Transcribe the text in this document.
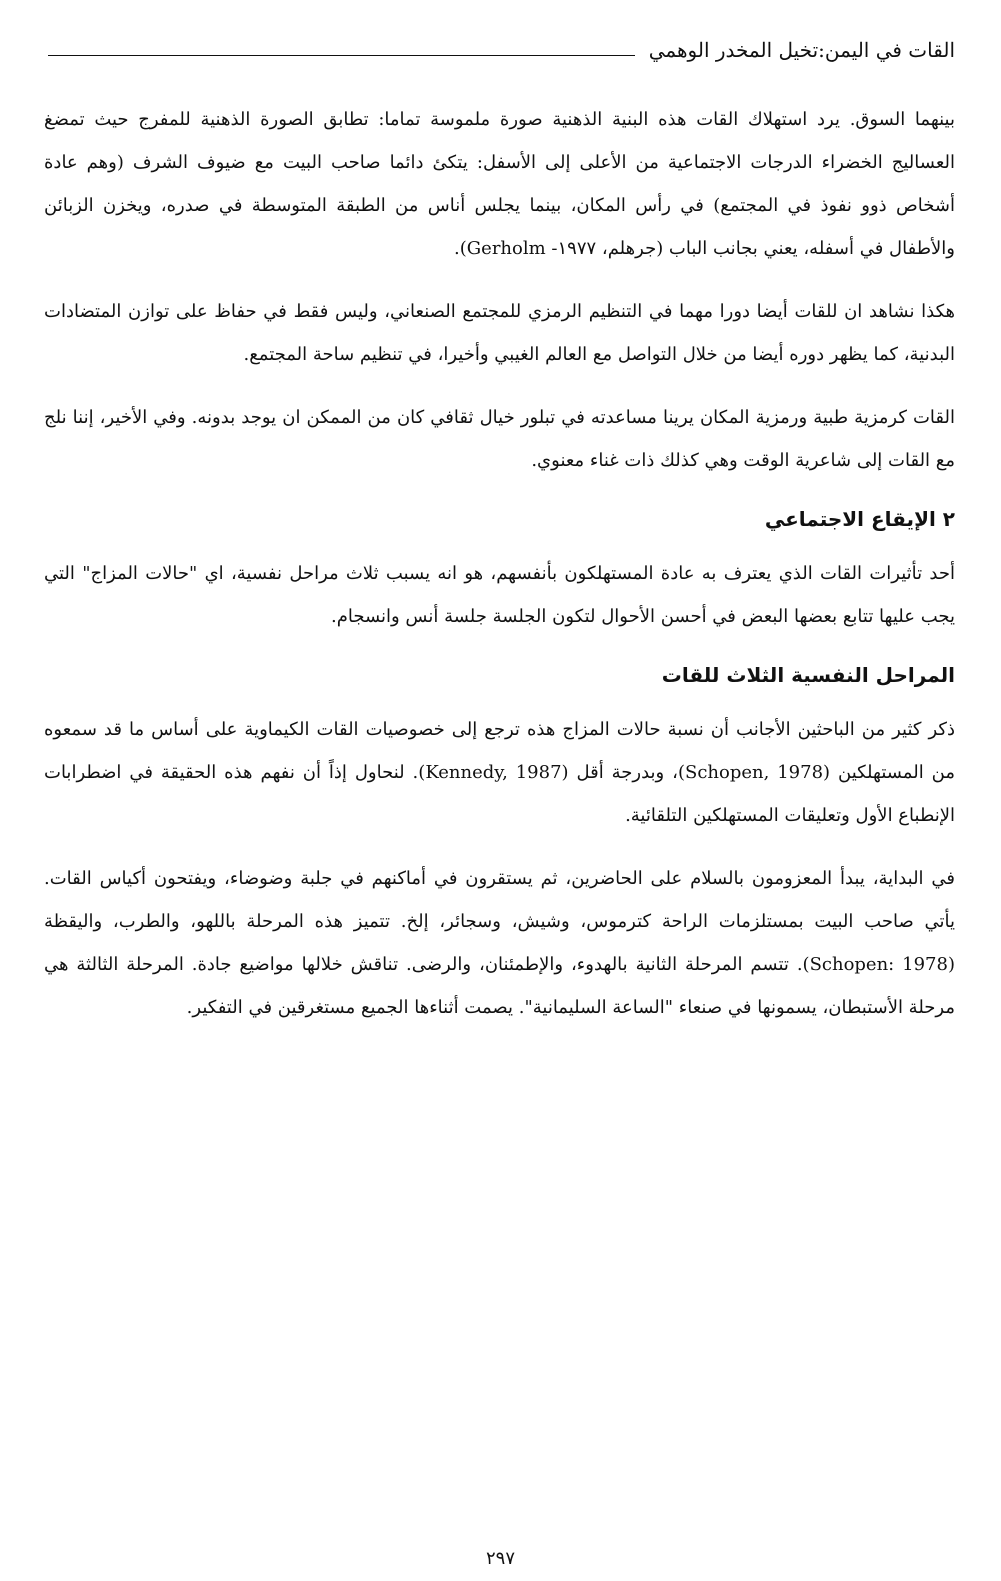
القات في اليمن:تخيل المخدر الوهمي

بينهما السوق. يرد استهلاك القات هذه البنية الذهنية صورة ملموسة تماما: تطابق الصورة الذهنية للمفرج حيث تمضغ العساليج الخضراء الدرجات الاجتماعية من الأعلى إلى الأسفل: يتكئ دائما صاحب البيت مع ضيوف الشرف (وهم عادة أشخاص ذوو نفوذ في المجتمع) في رأس المكان، بينما يجلس أناس من الطبقة المتوسطة في صدره، ويخزن الزبائن والأطفال في أسفله، يعني بجانب الباب (جرهلم، ١٩٧٧- Gerholm).

هكذا نشاهد ان للقات أيضا دورا مهما في التنظيم الرمزي للمجتمع الصنعاني، وليس فقط في حفاظ على توازن المتضادات البدنية، كما يظهر دوره أيضا من خلال التواصل مع العالم الغيبي وأخيرا، في تنظيم ساحة المجتمع.

القات كرمزية طبية ورمزية المكان يرينا مساعدته في تبلور خيال ثقافي كان من الممكن ان يوجد بدونه. وفي الأخير، إننا نلج مع القات إلى شاعرية الوقت وهي كذلك ذات غناء معنوي.

٢ الإيقاع الاجتماعي

أحد تأثيرات القات الذي يعترف به عادة المستهلكون بأنفسهم، هو انه يسبب ثلاث مراحل نفسية، اي "حالات المزاج" التي يجب عليها تتابع بعضها البعض في أحسن الأحوال لتكون الجلسة جلسة أنس وانسجام.

المراحل النفسية الثلاث للقات

ذكر كثير من الباحثين الأجانب أن نسبة حالات المزاج هذه ترجع إلى خصوصيات القات الكيماوية على أساس ما قد سمعوه من المستهلكين (Schopen, 1978)، وبدرجة أقل (Kennedy, 1987). لنحاول إذاً أن نفهم هذه الحقيقة في اضطرابات الإنطباع الأول وتعليقات المستهلكين التلقائية.

في البداية، يبدأ المعزومون بالسلام على الحاضرين، ثم يستقرون في أماكنهم في جلبة وضوضاء، ويفتحون أكياس القات. يأتي صاحب البيت بمستلزمات الراحة كترموس، وشيش، وسجائر، إلخ. تتميز هذه المرحلة باللهو، والطرب، واليقظة (Schopen: 1978). تتسم المرحلة الثانية بالهدوء، والإطمئنان، والرضى. تناقش خلالها مواضيع جادة. المرحلة الثالثة هي مرحلة الأستبطان، يسمونها في صنعاء "الساعة السليمانية". يصمت أثناءها الجميع مستغرقين في التفكير.

٢٩٧
